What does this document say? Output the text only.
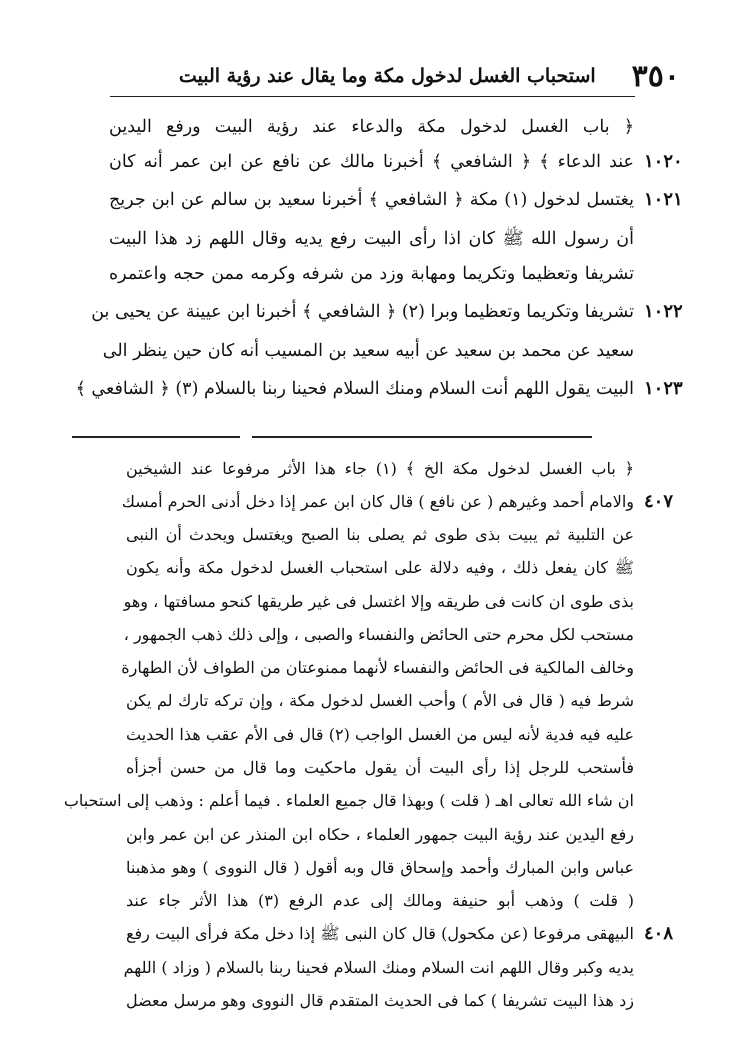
٣٥٠
استحباب الغسل لدخول مكة وما يقال عند رؤية البيت
﴿ باب الغسل لدخول مكة والدعاء عند رؤية البيت ورفع اليدين
عند الدعاء ﴾ ﴿ الشافعي ﴾ أخبرنا مالك عن نافع عن ابن عمر أنه كان
يغتسل لدخول (١) مكة ﴿ الشافعي ﴾ أخبرنا سعيد بن سالم عن ابن جريج
أن رسول الله ﷺ كان اذا رأى البيت رفع يديه وقال اللهم زد هذا البيت
تشريفا وتعظيما وتكريما ومهابة وزد من شرفه وكرمه ممن حجه واعتمره
تشريفا وتكريما وتعظيما وبرا (٢) ﴿ الشافعي ﴾ أخبرنا ابن عيينة عن يحيى بن
سعيد عن محمد بن سعيد عن أبيه سعيد بن المسيب أنه كان حين ينظر الى
البيت يقول اللهم أنت السلام ومنك السلام فحينا ربنا بالسلام (٣) ﴿ الشافعي ﴾
١٠٢٠
١٠٢١
١٠٢٢
١٠٢٣
﴿ باب الغسل لدخول مكة الخ ﴾ (١) جاء هذا الأثر مرفوعا عند الشيخين
والامام أحمد وغيرهم ( عن نافع ) قال كان ابن عمر إذا دخل أدنى الحرم أمسك
عن التلبية ثم يبيت بذى طوى ثم يصلى بنا الصبح ويغتسل ويحدث أن النبى
ﷺ كان يفعل ذلك ، وفيه دلالة على استحباب الغسل لدخول مكة وأنه يكون
بذى طوى ان كانت فى طريقه وإلا اغتسل فى غير طريقها كنحو مسافتها ، وهو
مستحب لكل محرم حتى الحائض والنفساء والصبى ، وإلى ذلك ذهب الجمهور ،
وخالف المالكية فى الحائض والنفساء لأنهما ممنوعتان من الطواف لأن الطهارة
شرط فيه ( قال فى الأم ) وأحب الغسل لدخول مكة ، وإن تركه تارك لم يكن
عليه فيه فدية لأنه ليس من الغسل الواجب (٢) قال فى الأم عقب هذا الحديث
فأستحب للرجل إذا رأى البيت أن يقول ماحكيت وما قال من حسن أجزأه
ان شاء الله تعالى اهـ ( قلت ) وبهذا قال جميع العلماء . فيما أعلم : وذهب إلى استحباب
رفع اليدين عند رؤية البيت جمهور العلماء ، حكاه ابن المنذر عن ابن عمر وابن
عباس وابن المبارك وأحمد وإسحاق قال وبه أقول ( قال النووى ) وهو مذهبنا
( قلت ) وذهب أبو حنيفة ومالك إلى عدم الرفع (٣) هذا الأثر جاء عند
البيهقى مرفوعا (عن مكحول) قال كان النبى ﷺ إذا دخل مكة فرأى البيت رفع
يديه وكبر وقال اللهم انت السلام ومنك السلام فحينا ربنا بالسلام ( وزاد ) اللهم
زد هذا البيت تشريفا ) كما فى الحديث المتقدم قال النووى وهو مرسل معضل
٤٠٧
٤٠٨
